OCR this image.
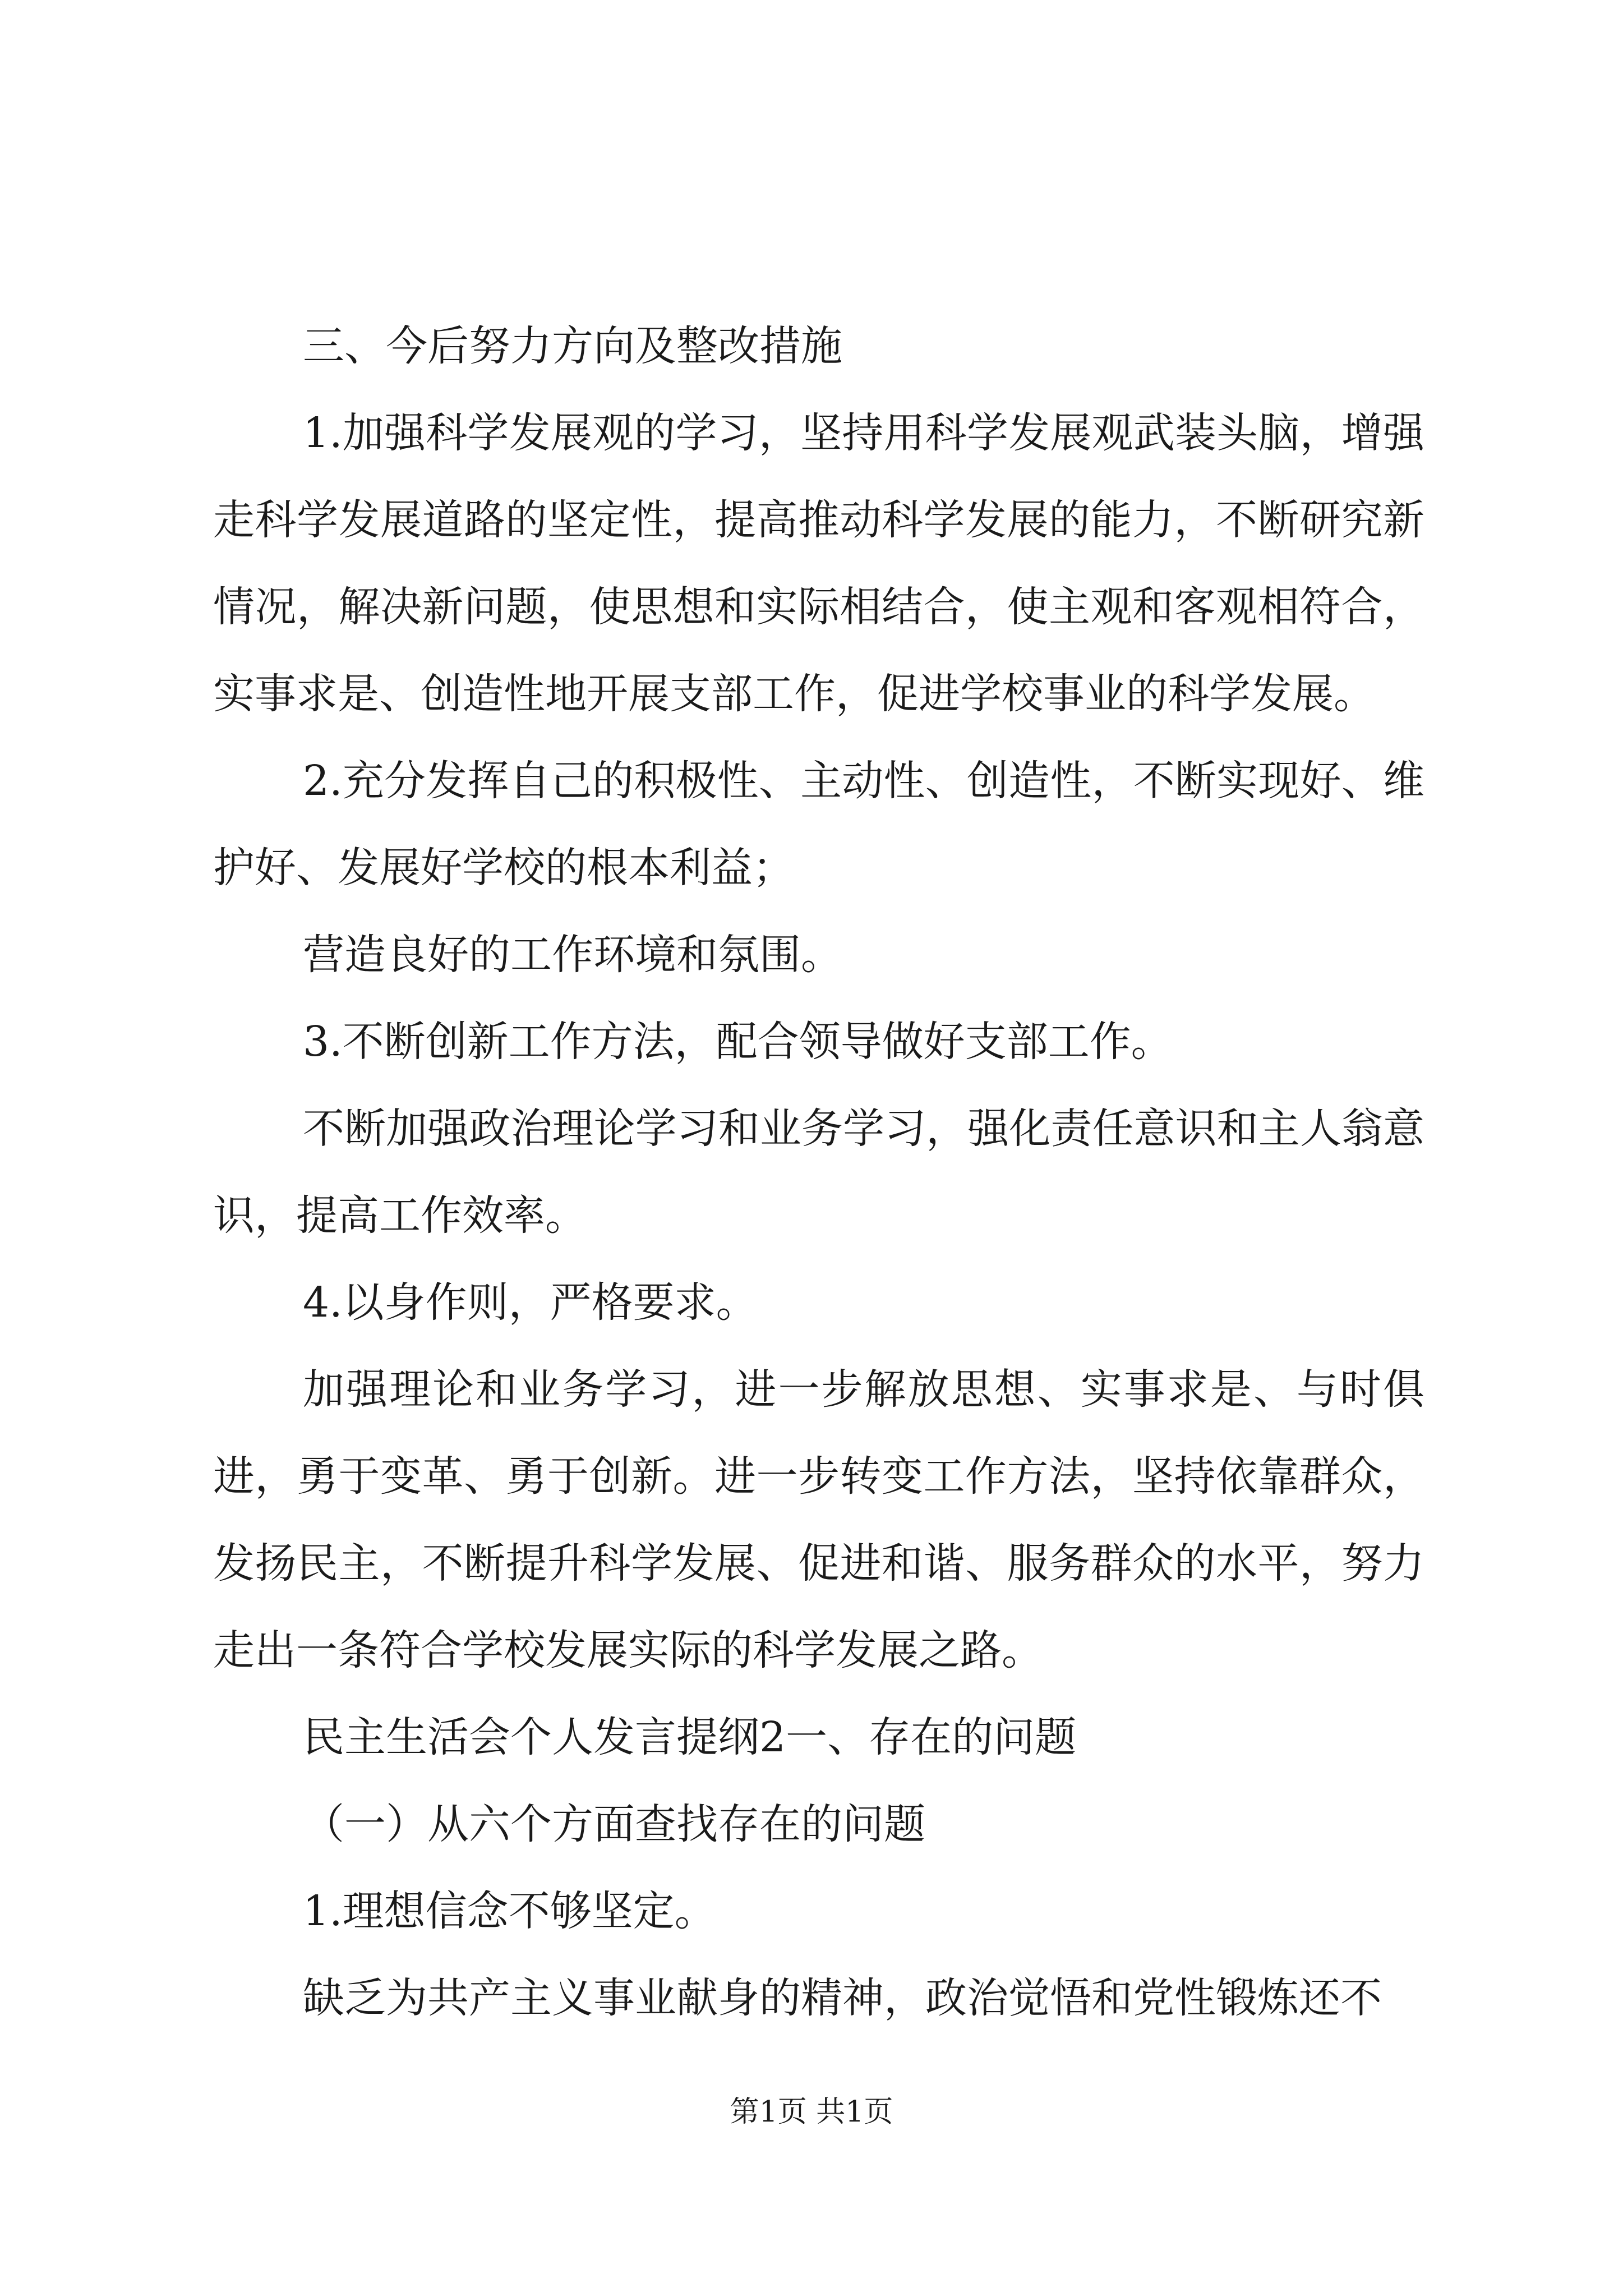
三、今后努力方向及整改措施

1.加强科学发展观的学习，坚持用科学发展观武装头脑，增强走科学发展道路的坚定性，提高推动科学发展的能力，不断研究新情况，解决新问题，使思想和实际相结合，使主观和客观相符合，实事求是、创造性地开展支部工作，促进学校事业的科学发展。

2.充分发挥自己的积极性、主动性、创造性，不断实现好、维护好、发展好学校的根本利益；

营造良好的工作环境和氛围。

3.不断创新工作方法，配合领导做好支部工作。

不断加强政治理论学习和业务学习，强化责任意识和主人翁意识，提高工作效率。

4.以身作则，严格要求。

加强理论和业务学习，进一步解放思想、实事求是、与时俱进，勇于变革、勇于创新。进一步转变工作方法，坚持依靠群众，发扬民主，不断提升科学发展、促进和谐、服务群众的水平，努力走出一条符合学校发展实际的科学发展之路。

民主生活会个人发言提纲2一、存在的问题

（一）从六个方面查找存在的问题

1.理想信念不够坚定。

缺乏为共产主义事业献身的精神，政治觉悟和党性锻炼还不

第1页 共1页
